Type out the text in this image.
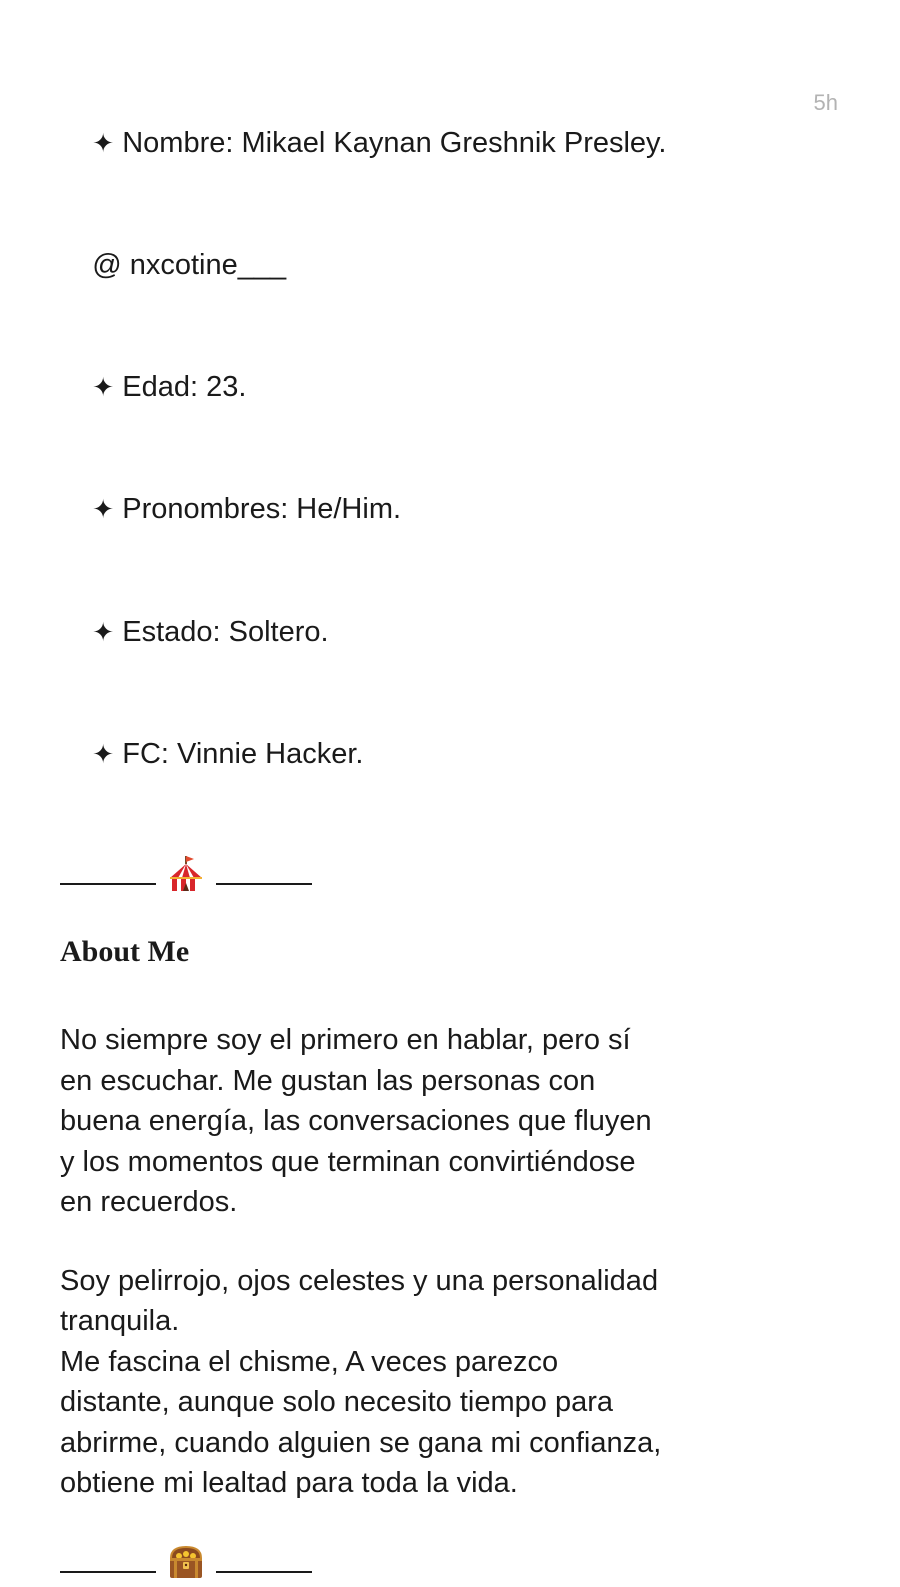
5h

✦ Nombre: Mikael Kaynan Greshnik Presley.

@ nxcotine___

✦ Edad: 23.

✦ Pronombres: He/Him.

✦ Estado: Soltero.

✦ FC: Vinnie Hacker.

About Me

No siempre soy el primero en hablar, pero sí
en escuchar. Me gustan las personas con
buena energía, las conversaciones que fluyen
y los momentos que terminan convirtiéndose
en recuerdos.

Soy pelirrojo, ojos celestes y una personalidad
tranquila.
Me fascina el chisme, A veces parezco
distante, aunque solo necesito tiempo para
abrirme, cuando alguien se gana mi confianza,
obtiene mi lealtad para toda la vida.
